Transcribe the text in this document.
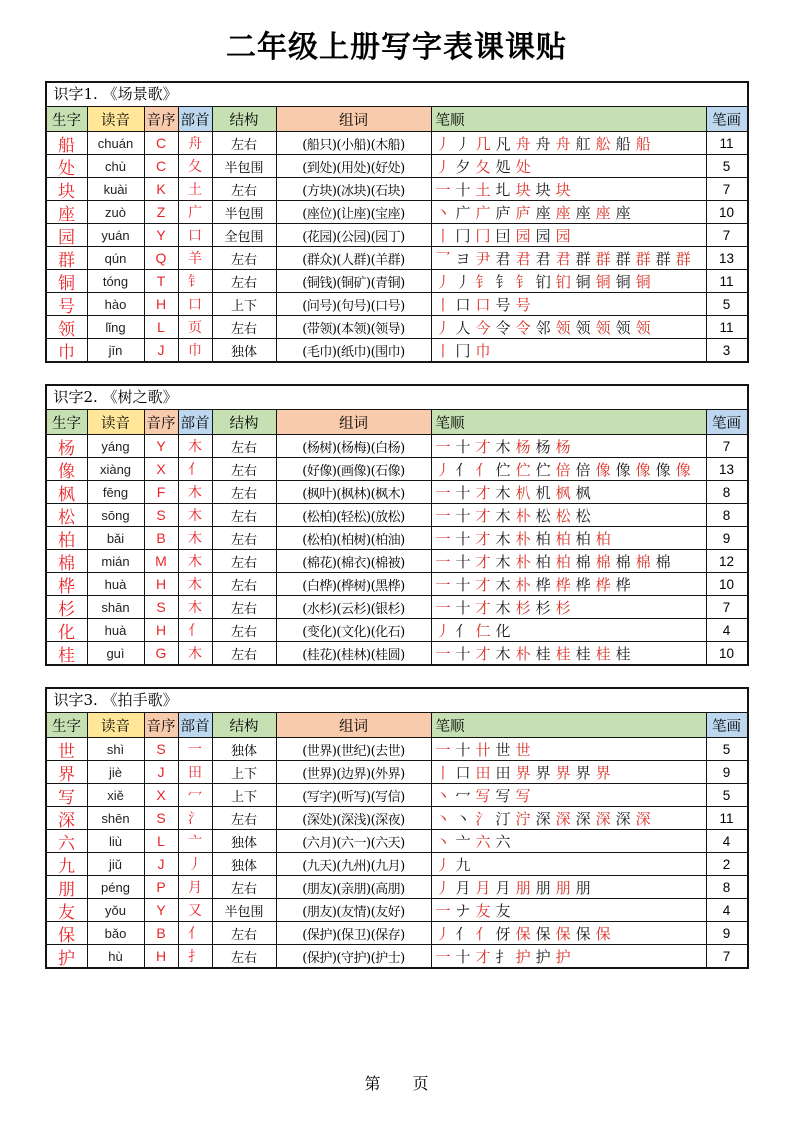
二年级上册写字表课课贴
识字1. 《场景歌》
生字	读音	音序 部首	结构	组词	笔顺	笔画
船	chuán	C	舟	左右	(船只)(小船)(木船)	丿 丿 几 凡 舟 舟 舟 舡 舩 船 船	11
处	chù	C	夂	半包围	(到处)(用处)(好处)	丿 夕 夂 処 处	5
块	kuài	K	土	左右	(方块)(冰块)(石块)	一 十 土 圠 块 块 块	7
座	zuò	Z	广	半包围	(座位)(让座)(宝座)	丶 广 广 庐 庐 座 座 座 座 座	10
园	yuán	Y	口	全包围	(花园)(公园)(园丁)	丨 冂 冂 囙 园 园 园	7
群	qún	Q	羊	左右	(群众)(人群)(羊群)	乛 ヨ 尹 君 君 君 君 群 群 群 群 群 群	13
铜	tóng	T	钅	左右	(铜钱)(铜矿)(青铜)	丿 丿 钅 钅 钅 钔 钔 铜 铜 铜 铜	11
号	hào	H	口	上下	(问号)(句号)(口号)	丨 口 口 号 号	5
领	lǐng	L	页	左右	(带领)(本领)(领导)	丿 人 今 令 令 邻 领 领 领 领 领	11
巾	jīn	J	巾	独体	(毛巾)(纸巾)(围巾)	丨 冂 巾	3
识字2. 《树之歌》
生字	读音	音序 部首	结构	组词	笔顺	笔画
杨	yáng	Y	木	左右	(杨树)(杨梅)(白杨)	一 十 才 木 杨 杨 杨	7
像	xiàng	X	亻	左右	(好像)(画像)(石像)	丿 亻 亻 伫 伫 伫 倍 倍 像 像 像 像 像	13
枫	fēng	F	木	左右	(枫叶)(枫林)(枫木)	一 十 才 木 朳 机 枫 枫	8
松	sōng	S	木	左右	(松柏)(轻松)(放松)	一 十 才 木 朴 松 松 松	8
柏	bǎi	B	木	左右	(松柏)(柏树)(柏油)	一 十 才 木 朴 柏 柏 柏 柏	9
棉	mián	M	木	左右	(棉花)(棉衣)(棉被)	一 十 才 木 朴 柏 柏 棉 棉 棉 棉 棉	12
桦	huà	H	木	左右	(白桦)(桦树)(黑桦)	一 十 才 木 朴 桦 桦 桦 桦 桦	10
杉	shān	S	木	左右	(水杉)(云杉)(银杉)	一 十 才 木 杉 杉 杉	7
化	huà	H	亻	左右	(变化)(文化)(化石)	丿 亻 仁 化	4
桂	guì	G	木	左右	(桂花)(桂林)(桂圆)	一 十 才 木 朴 桂 桂 桂 桂 桂	10
识字3. 《拍手歌》
生字	读音	音序 部首	结构	组词	笔顺	笔画
世	shì	S	一	独体	(世界)(世纪)(去世)	一 十 卄 世 世	5
界	jiè	J	田	上下	(世界)(边界)(外界)	丨 口 田 田 界 界 界 界 界	9
写	xiě	X	冖	上下	(写字)(听写)(写信)	丶 冖 写 写 写	5
深	shēn	S	氵	左右	(深处)(深浅)(深夜)	丶 丶 氵 汀 泞 深 深 深 深 深 深	11
六	liù	L	亠	独体	(六月)(六一)(六天)	丶 亠 六 六	4
九	jiǔ	J	丿	独体	(九天)(九州)(九月)	丿 九	2
朋	péng	P	月	左右	(朋友)(亲朋)(高朋)	丿 月 月 月 朋 朋 朋 朋	8
友	yǒu	Y	又	半包围	(朋友)(友情)(友好)	一 ナ 友 友	4
保	bǎo	B	亻	左右	(保护)(保卫)(保存)	丿 亻 亻 伢 保 保 保 保 保	9
护	hù	H	扌	左右	(保护)(守护)(护士)	一 十 才 扌 护 护 护	7
第　　页
